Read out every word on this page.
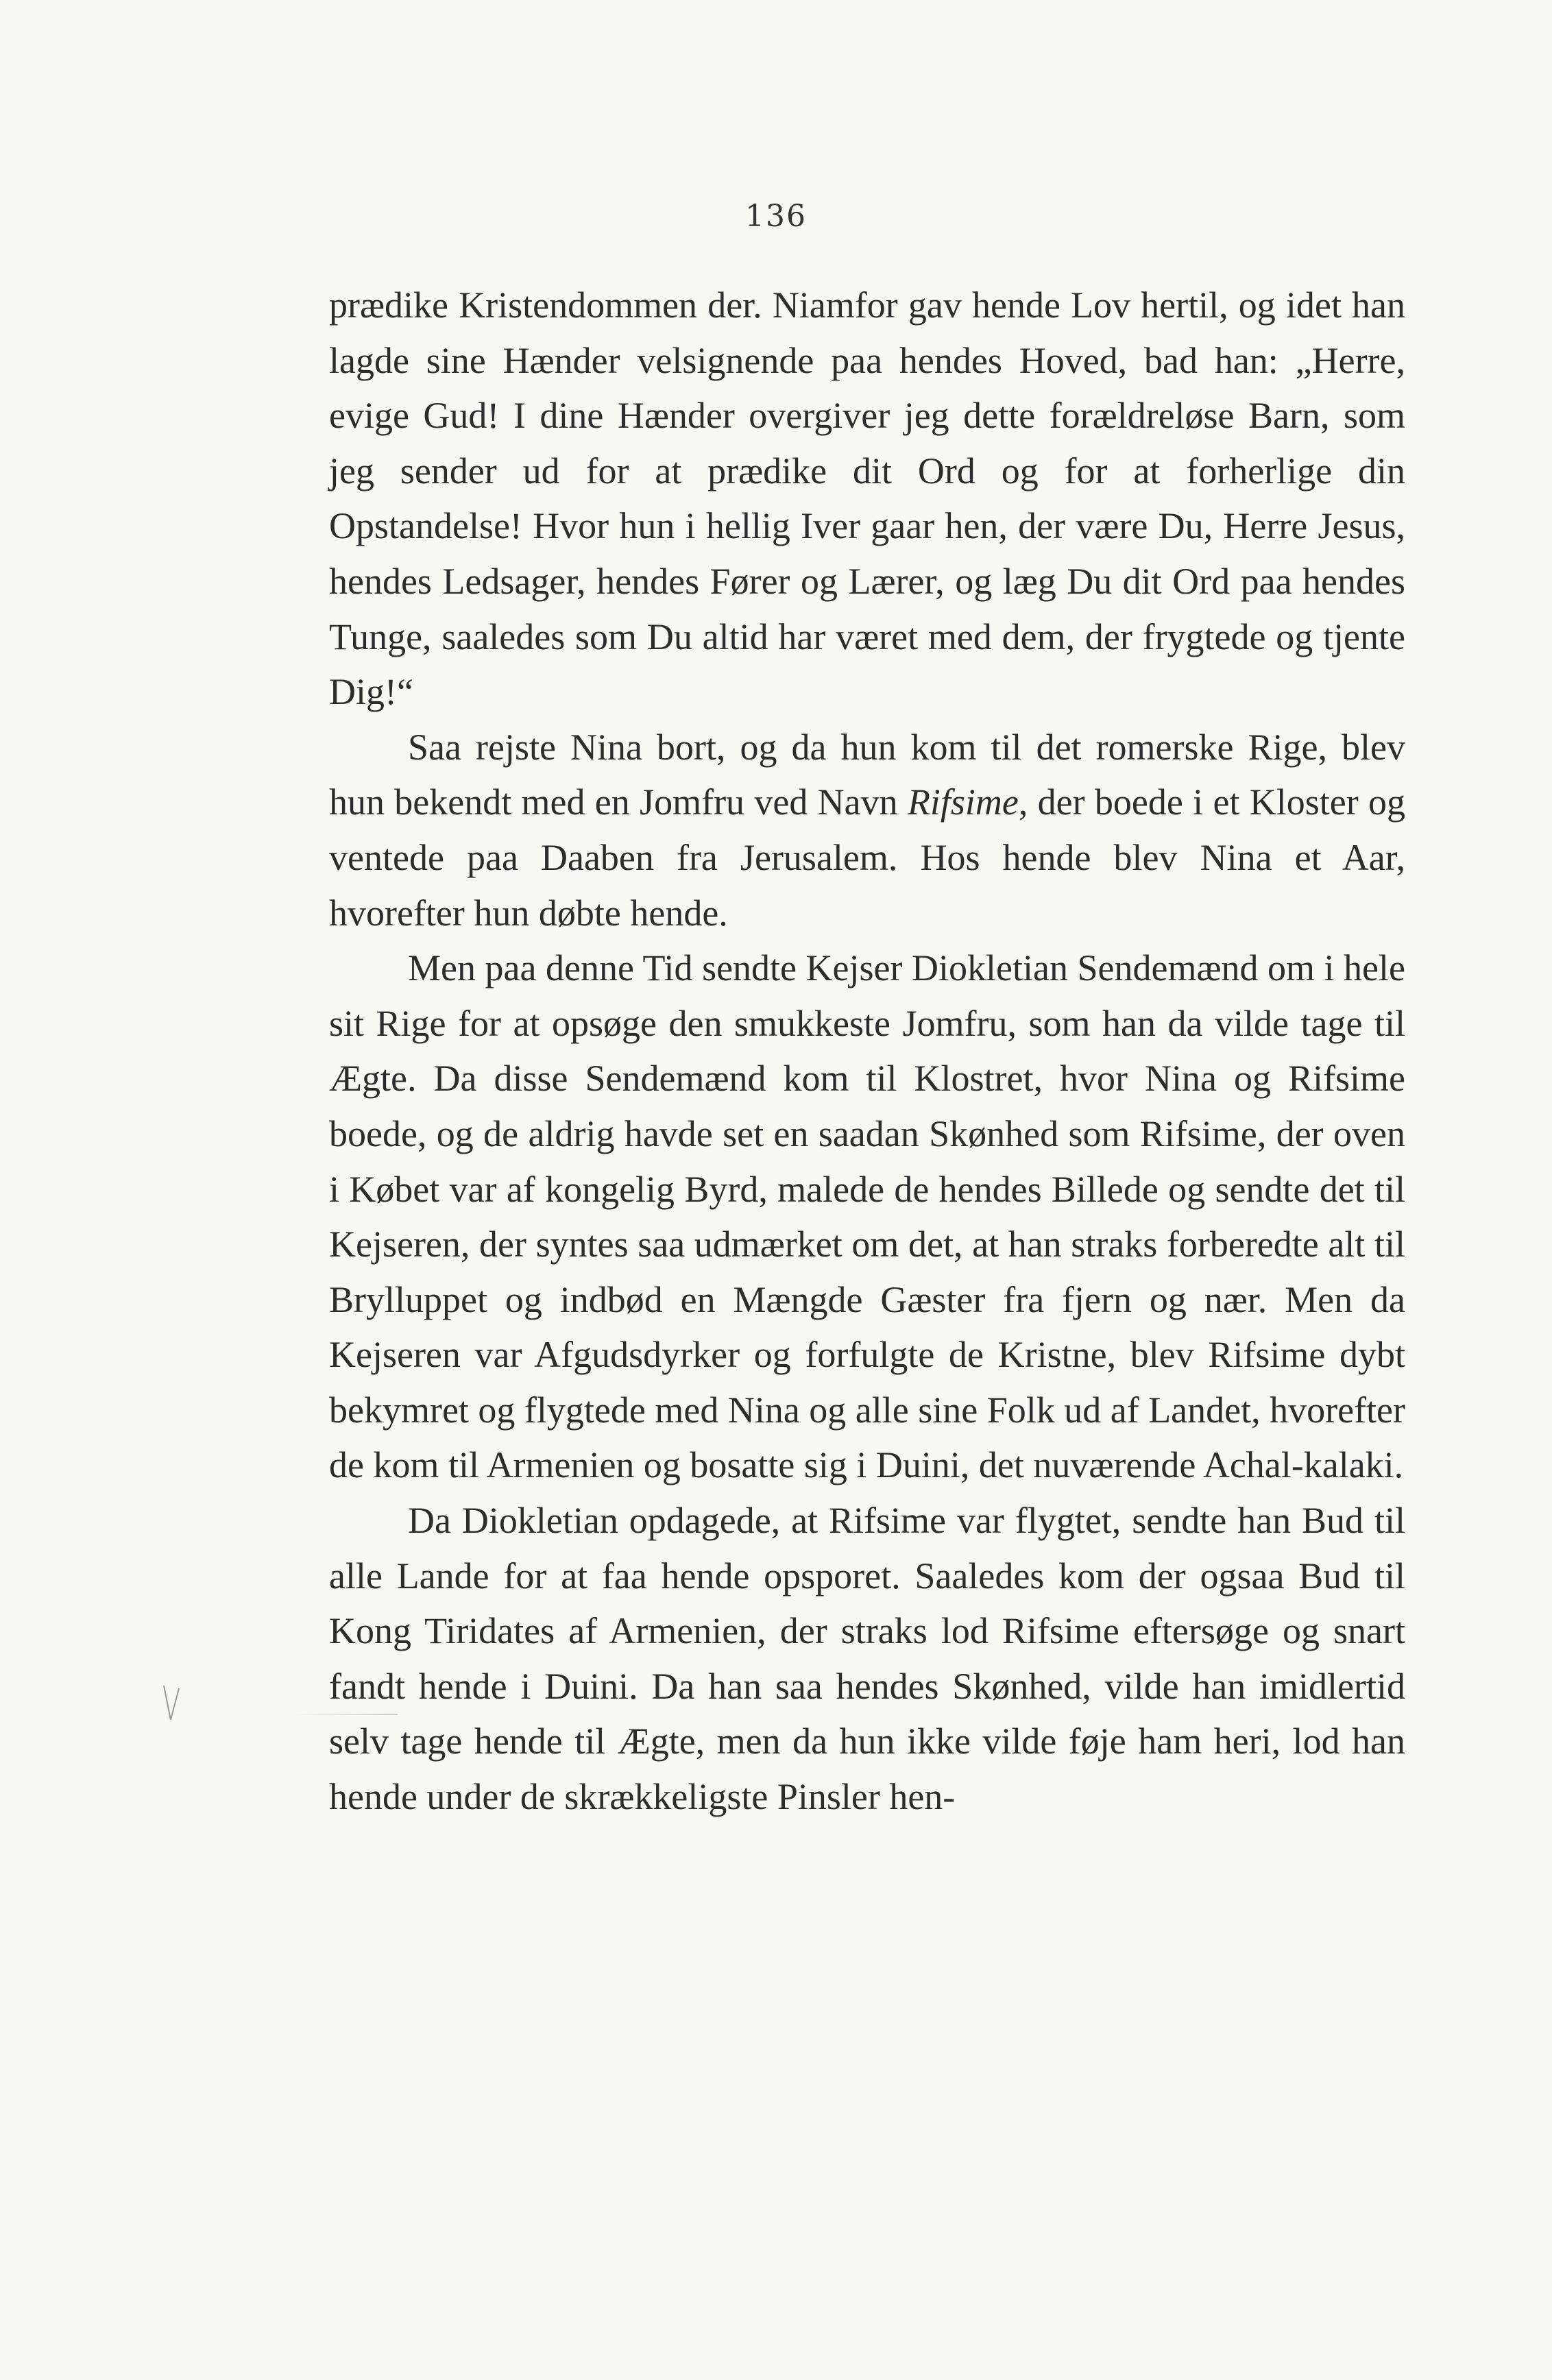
136

prædike Kristendommen der. Niamfor gav hende Lov hertil, og idet han lagde sine Hænder velsignende paa hendes Hoved, bad han: „Herre, evige Gud! I dine Hænder overgiver jeg dette forældreløse Barn, som jeg sender ud for at prædike dit Ord og for at forherlige din Opstandelse! Hvor hun i hellig Iver gaar hen, der være Du, Herre Jesus, hendes Ledsager, hendes Fører og Lærer, og læg Du dit Ord paa hendes Tunge, saaledes som Du altid har været med dem, der frygtede og tjente Dig!“

Saa rejste Nina bort, og da hun kom til det romerske Rige, blev hun bekendt med en Jomfru ved Navn Rifsime, der boede i et Kloster og ventede paa Daaben fra Jerusalem. Hos hende blev Nina et Aar, hvorefter hun døbte hende.

Men paa denne Tid sendte Kejser Diokletian Sendemænd om i hele sit Rige for at opsøge den smukkeste Jomfru, som han da vilde tage til Ægte. Da disse Sendemænd kom til Klostret, hvor Nina og Rifsime boede, og de aldrig havde set en saadan Skønhed som Rifsime, der oven i Købet var af kongelig Byrd, malede de hendes Billede og sendte det til Kejseren, der syntes saa udmærket om det, at han straks forberedte alt til Brylluppet og indbød en Mængde Gæster fra fjern og nær. Men da Kejseren var Afgudsdyrker og forfulgte de Kristne, blev Rifsime dybt bekymret og flygtede med Nina og alle sine Folk ud af Landet, hvorefter de kom til Armenien og bosatte sig i Duini, det nuværende Achal-kalaki.

Da Diokletian opdagede, at Rifsime var flygtet, sendte han Bud til alle Lande for at faa hende opsporet. Saaledes kom der ogsaa Bud til Kong Tiridates af Armenien, der straks lod Rifsime eftersøge og snart fandt hende i Duini. Da han saa hendes Skønhed, vilde han imidlertid selv tage hende til Ægte, men da hun ikke vilde føje ham heri, lod han hende under de skrækkeligste Pinsler hen-
